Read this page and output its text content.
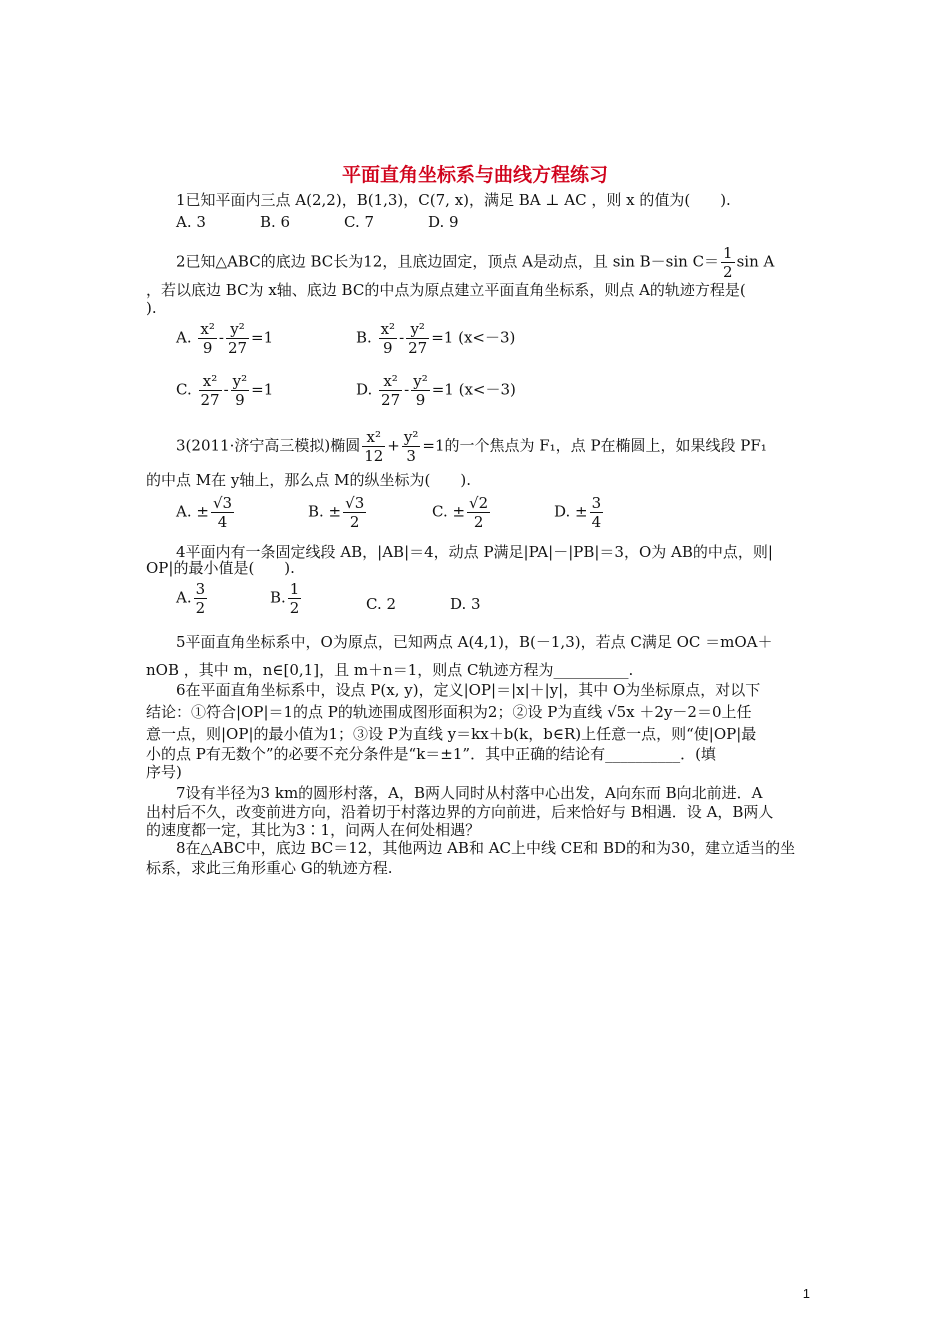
平面直角坐标系与曲线方程练习
1已知平面内三点 A(2,2)，B(1,3)，C(7, x)，满足 BA ⊥ AC ，则 x 的值为(　　).
A. 3	B. 6	C. 7	D. 9
2已知△ABC的底边 BC长为12，且底边固定，顶点 A是动点，且 sin B－sin $C= \frac{1}{2}$ sin A
，若以底边 BC为 x轴、底边 BC的中点为原点建立平面直角坐标系，则点 A的轨迹方程是(
).
A. $\frac{\text{x²}}{9} - \frac{\text{y²}}{27} =1$	B. $\frac{\text{x²}}{9} - \frac{\text{y²}}{27} =1$ (x<－3)
C. $\frac{\text{x²}}{27} - \frac{\text{y²}}{9} =1$	D. $\frac{\text{x²}}{27} - \frac{\text{y²}}{9} =1$ (x<－3)
3(2011·济宁高三模拟)椭圆 $\frac{\text{x²}}{12} + \frac{\text{y²}}{3} =1$的一个焦点为 F₁，点 P在椭圆上，如果线段 PF₁
的中点 M在 y轴上，那么点 M的纵坐标为(　　).
A. ± $\frac{√3}{4}$	B. ± $\frac{√3}{2}$	C. ± $\frac{√2}{2}$	D. ± $\frac{3}{4}$
4平面内有一条固定线段 AB，|AB|＝4，动点 P满足|PA|－|PB|＝3，O为 AB的中点，则|
OP|的最小值是(　　).
A. $\frac{3}{2}$	B. $\frac{1}{2}$	C. 2	D. 3
5平面直角坐标系中，O为原点，已知两点 A(4,1)，B(－1,3)，若点 C满足 OC ＝mOA＋
nOB ，其中 m，n∈[0,1]，且 m＋n＝1，则点 C轨迹方程为__________.
6在平面直角坐标系中，设点 P(x, y)，定义|OP|＝|x|＋|y|，其中 O为坐标原点，对以下
结论：①符合|OP|＝1的点 P的轨迹围成图形面积为2；②设 P为直线 √5x ＋2y－2＝0上任
意一点，则|OP|的最小值为1；③设 P为直线 y＝kx＋b(k，b∈R)上任意一点，则“使|OP|最
小的点 P有无数个”的必要不充分条件是“k＝±1”．其中正确的结论有__________．(填
序号)
7设有半径为3 km的圆形村落，A，B两人同时从村落中心出发，A向东而 B向北前进．A
出村后不久，改变前进方向，沿着切于村落边界的方向前进，后来恰好与 B相遇．设 A，B两人
的速度都一定，其比为3∶1，问两人在何处相遇？
8在△ABC中，底边 BC＝12，其他两边 AB和 AC上中线 CE和 BD的和为30，建立适当的坐
标系，求此三角形重心 G的轨迹方程.
1
